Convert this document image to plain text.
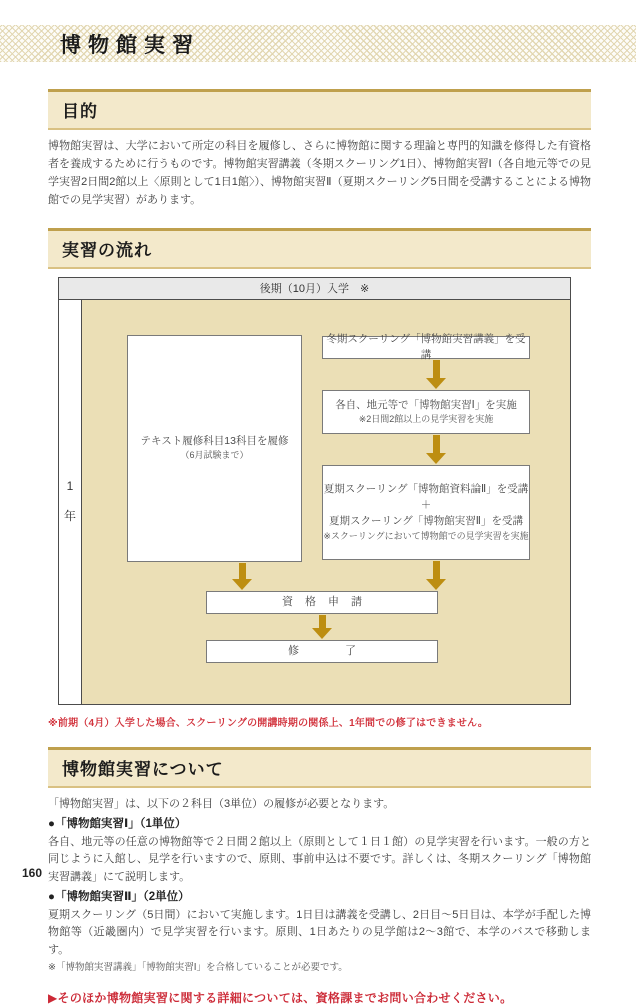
博物館実習
目的

博物館実習は、大学において所定の科目を履修し、さらに博物館に関する理論と専門的知識を修得した有資格者を養成するために行うものです。博物館実習講義（冬期スクーリング1日）、博物館実習Ⅰ（各自地元等での見学実習2日間2館以上〈原則として1日1館〉）、博物館実習Ⅱ（夏期スクーリング5日間を受講することによる博物館での見学実習）があります。

実習の流れ
後期（10月）入学　※
1
年
テキスト履修科目13科目を履修
（6月試験まで）
冬期スクーリング「博物館実習講義」を受講
各自、地元等で「博物館実習Ⅰ」を実施
※2日間2館以上の見学実習を実施
夏期スクーリング「博物館資料論Ⅱ」を受講
＋
夏期スクーリング「博物館実習Ⅱ」を受講
※スクーリングにおいて博物館での見学実習を実施
資格申請
修了
※前期（4月）入学した場合、スクーリングの開講時期の関係上、1年間での修了はできません。
博物館実習について

「博物館実習」は、以下の２科目（3単位）の履修が必要となります。

●「博物館実習Ⅰ」（1単位）

各自、地元等の任意の博物館等で２日間２館以上（原則として１日１館）の見学実習を行います。一般の方と同じように入館し、見学を行いますので、原則、事前申込は不要です。詳しくは、冬期スクーリング「博物館実習講義」にて説明します。

●「博物館実習Ⅱ」（2単位）

夏期スクーリング（5日間）において実施します。1日目は講義を受講し、2日目～5日目は、本学が手配した博物館等（近畿圏内）で見学実習を行います。原則、1日あたりの見学館は2～3館で、本学のバスで移動します。

※「博物館実習講義」「博物館実習Ⅰ」を合格していることが必要です。

▶そのほか博物館実習に関する詳細については、資格課までお問い合わせください。

160
